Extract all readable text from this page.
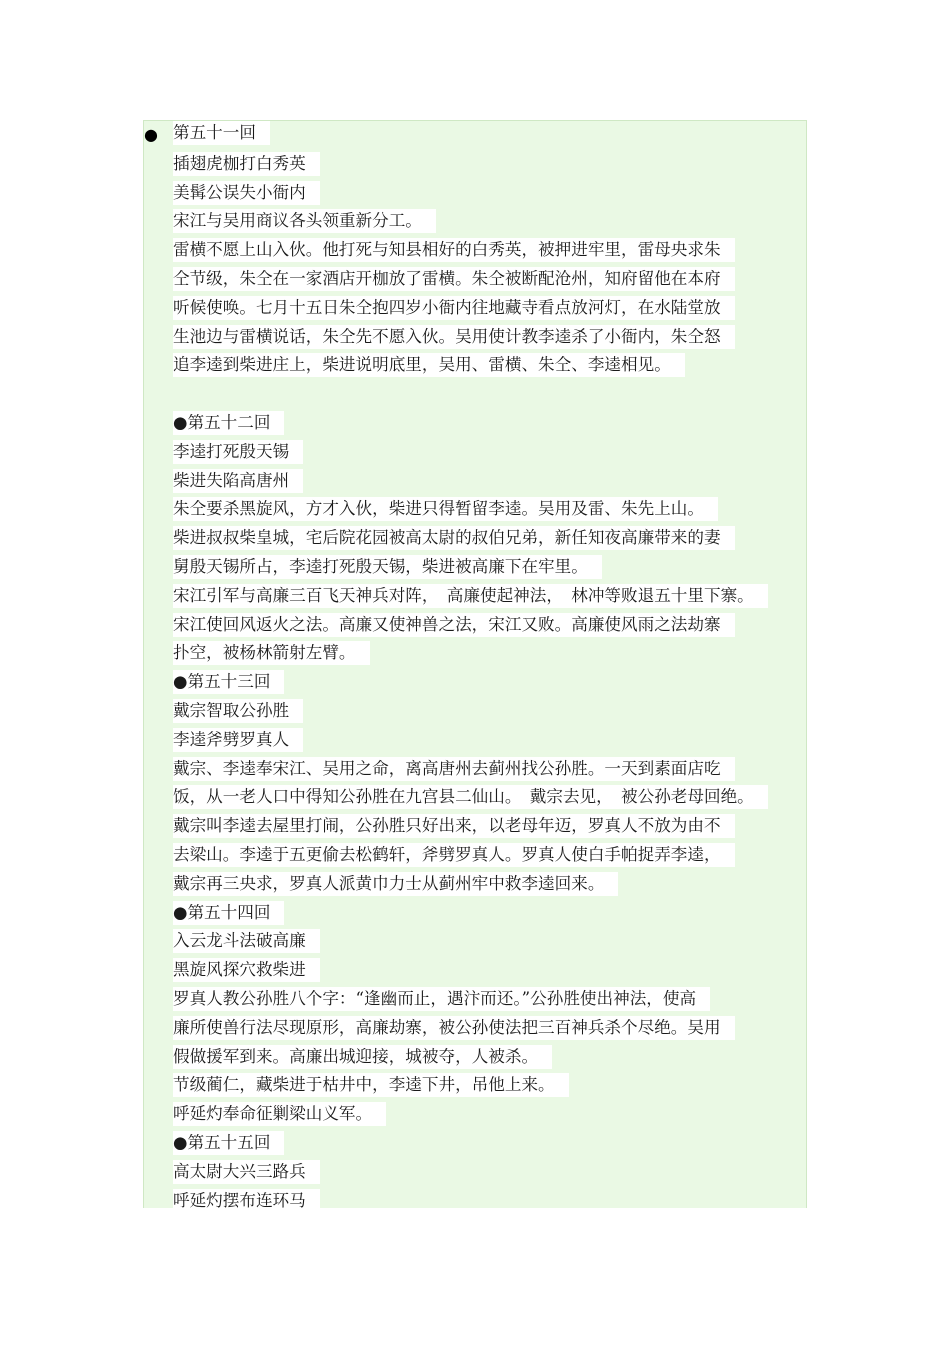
● 第五十一回
插翅虎枷打白秀英
美髯公误失小衙内
宋江与吴用商议各头领重新分工。
雷横不愿上山入伙。他打死与知县相好的白秀英，被押进牢里，雷母央求朱
仝节级，朱仝在一家酒店开枷放了雷横。朱仝被断配沧州，知府留他在本府
听候使唤。七月十五日朱仝抱四岁小衙内往地藏寺看点放河灯，在水陆堂放
生池边与雷横说话，朱仝先不愿入伙。吴用使计教李逵杀了小衙内，朱仝怒
追李逵到柴进庄上，柴进说明底里，吴用、雷横、朱仝、李逵相见。
●第五十二回
李逵打死殷天锡
柴进失陷高唐州
朱仝要杀黑旋风，方才入伙，柴进只得暂留李逵。吴用及雷、朱先上山。
柴进叔叔柴皇城，宅后院花园被高太尉的叔伯兄弟，新任知夜高廉带来的妻
舅殷天锡所占，李逵打死殷天锡，柴进被高廉下在牢里。
宋江引军与高廉三百飞天神兵对阵，　高廉使起神法，　林冲等败退五十里下寨。
宋江使回风返火之法。高廉又使神兽之法，宋江又败。高廉使风雨之法劫寨
扑空，被杨林箭射左臂。
●第五十三回
戴宗智取公孙胜
李逵斧劈罗真人
戴宗、李逵奉宋江、吴用之命，离高唐州去蓟州找公孙胜。一天到素面店吃
饭，从一老人口中得知公孙胜在九宫县二仙山。　戴宗去见，　被公孙老母回绝。
戴宗叫李逵去屋里打闹，公孙胜只好出来，以老母年迈，罗真人不放为由不
去梁山。李逵于五更偷去松鹤轩，斧劈罗真人。罗真人使白手帕捉弄李逵，
戴宗再三央求，罗真人派黄巾力士从蓟州牢中救李逵回来。
●第五十四回
入云龙斗法破高廉
黑旋风探穴救柴进
罗真人教公孙胜八个字：“逢幽而止，遇汴而还。”公孙胜使出神法，使高
廉所使兽行法尽现原形，高廉劫寨，被公孙使法把三百神兵杀个尽绝。吴用
假做援军到来。高廉出城迎接，城被夺，人被杀。
节级蔺仁，藏柴进于枯井中，李逵下井，吊他上来。
呼延灼奉命征剿梁山义军。
●第五十五回
高太尉大兴三路兵
呼延灼摆布连环马
